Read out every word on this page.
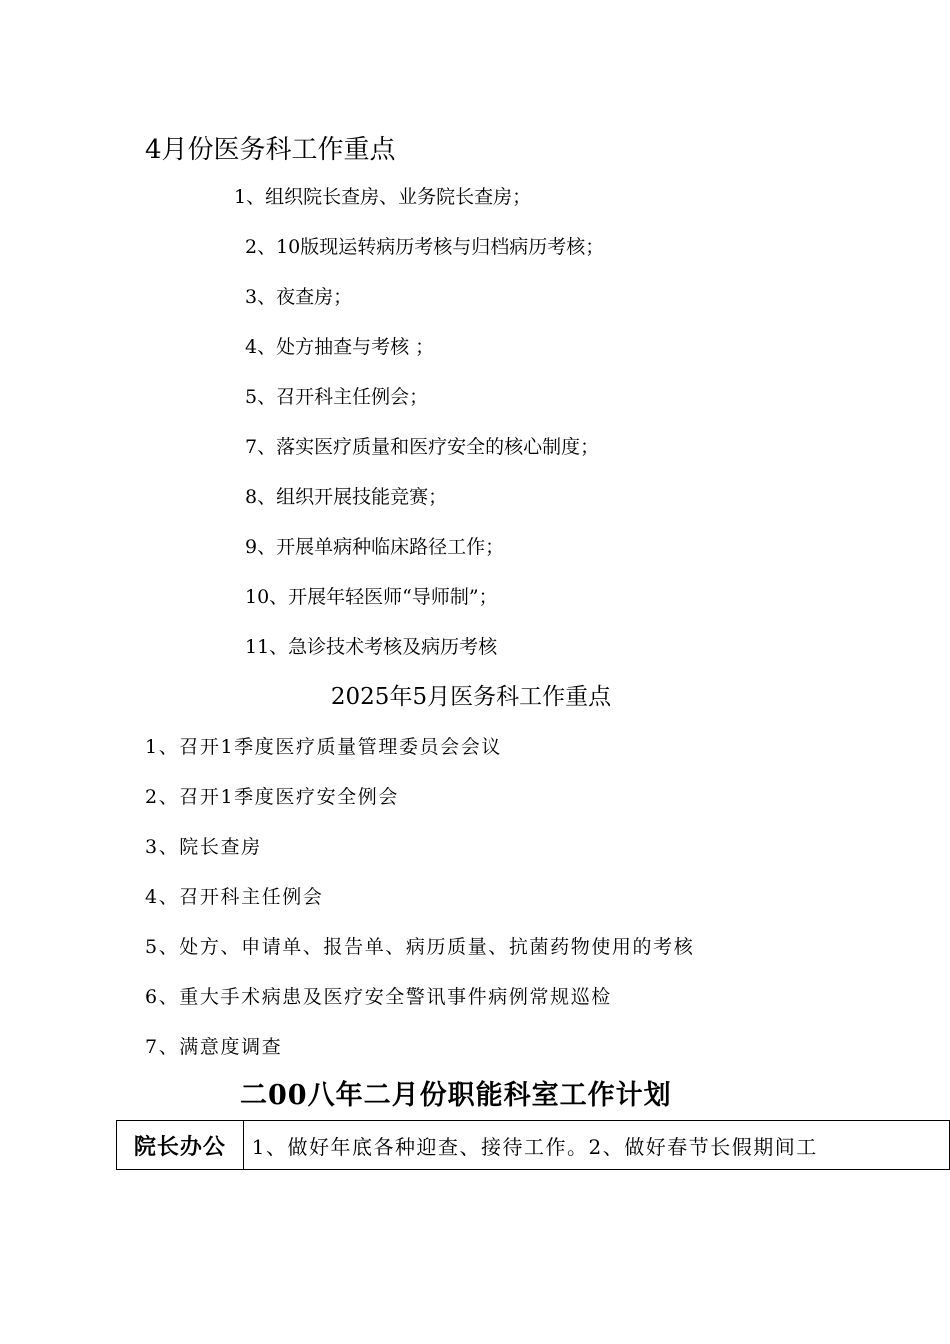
4月份医务科工作重点
1、组织院长查房、业务院长查房；
2、10版现运转病历考核与归档病历考核；
3、夜查房；
4、处方抽查与考核 ；
5、召开科主任例会；
7、落实医疗质量和医疗安全的核心制度；
8、组织开展技能竞赛；
9、开展单病种临床路径工作；
10、开展年轻医师“导师制”；
11、急诊技术考核及病历考核
2025年5月医务科工作重点
1、召开1季度医疗质量管理委员会会议
2、召开1季度医疗安全例会
3、院长查房
4、召开科主任例会
5、处方、申请单、报告单、病历质量、抗菌药物使用的考核
6、重大手术病患及医疗安全警讯事件病例常规巡检
7、满意度调查
二00八年二月份职能科室工作计划
院长办公	1、做好年底各种迎查、接待工作。2、做好春节长假期间工
